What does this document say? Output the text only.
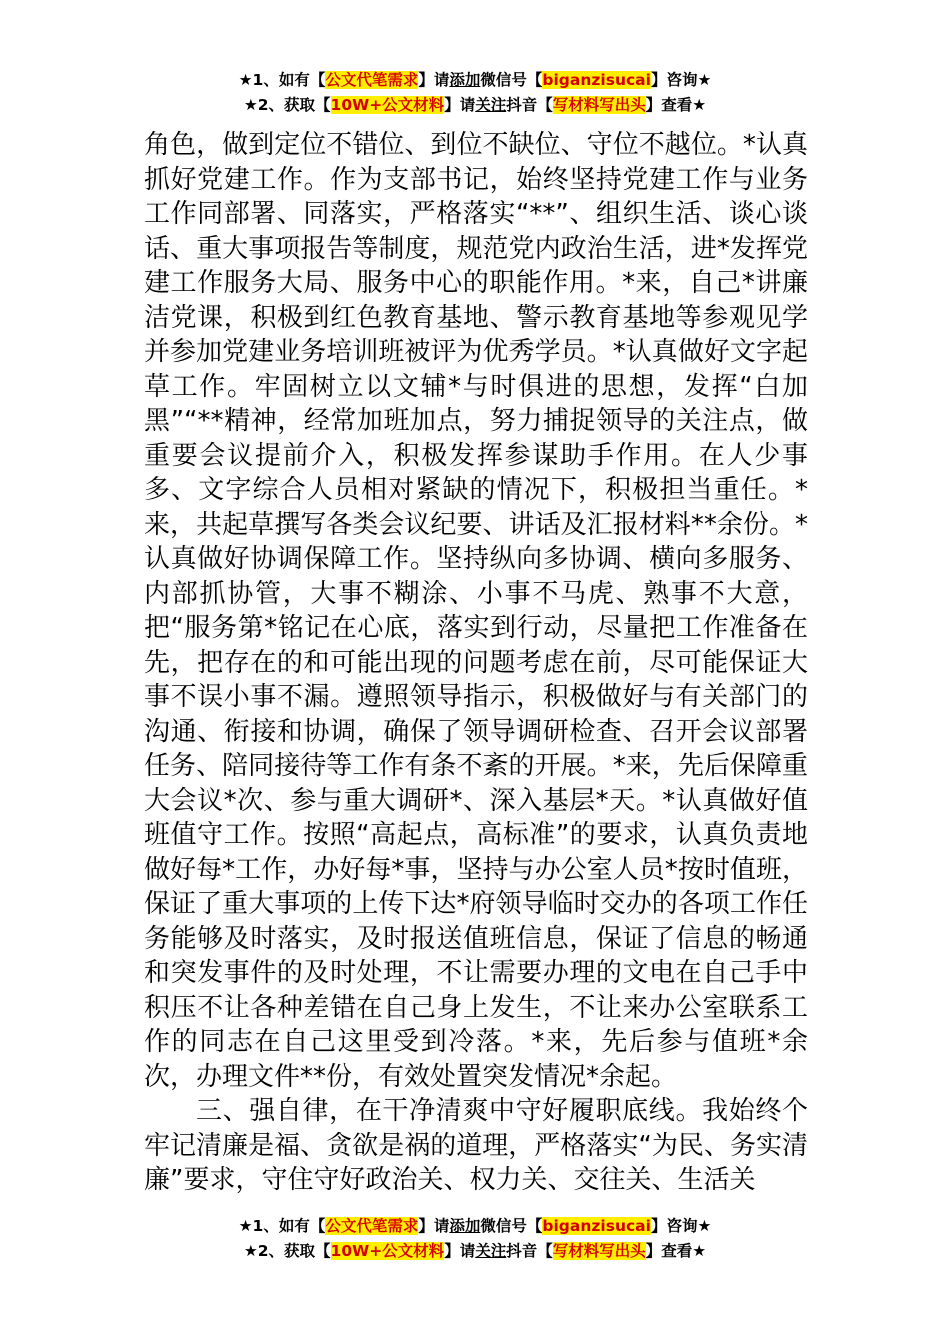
★1、如有【公文代笔需求】请添加微信号【biganzisucai】咨询★
★2、获取【10W+公文材料】请关注抖音【写材料写出头】查看★

角色，做到定位不错位、到位不缺位、守位不越位。*认真抓好党建工作。作为支部书记，始终坚持党建工作与业务工作同部署、同落实，严格落实“**”、组织生活、谈心谈话、重大事项报告等制度，规范党内政治生活，进*发挥党建工作服务大局、服务中心的职能作用。*来，自己*讲廉洁党课，积极到红色教育基地、警示教育基地等参观见学并参加党建业务培训班被评为优秀学员。*认真做好文字起草工作。牢固树立以文辅*与时俱进的思想，发挥“白加黑”“**精神，经常加班加点，努力捕捉领导的关注点，做重要会议提前介入，积极发挥参谋助手作用。在人少事多、文字综合人员相对紧缺的情况下，积极担当重任。*来，共起草撰写各类会议纪要、讲话及汇报材料**余份。*认真做好协调保障工作。坚持纵向多协调、横向多服务、内部抓协管，大事不糊涂、小事不马虎、熟事不大意，把“服务第*铭记在心底，落实到行动，尽量把工作准备在先，把存在的和可能出现的问题考虑在前，尽可能保证大事不误小事不漏。遵照领导指示，积极做好与有关部门的沟通、衔接和协调，确保了领导调研检查、召开会议部署任务、陪同接待等工作有条不紊的开展。*来，先后保障重大会议*次、参与重大调研*、深入基层*天。*认真做好值班值守工作。按照“高起点，高标准”的要求，认真负责地做好每*工作，办好每*事，坚持与办公室人员*按时值班，保证了重大事项的上传下达*府领导临时交办的各项工作任务能够及时落实，及时报送值班信息，保证了信息的畅通和突发事件的及时处理，不让需要办理的文电在自己手中积压不让各种差错在自己身上发生，不让来办公室联系工作的同志在自己这里受到冷落。*来，先后参与值班*余次，办理文件**份，有效处置突发情况*余起。

三、强自律，在干净清爽中守好履职底线。我始终个牢记清廉是福、贪欲是祸的道理，严格落实“为民、务实清廉”要求，守住守好政治关、权力关、交往关、生活关

★1、如有【公文代笔需求】请添加微信号【biganzisucai】咨询★
★2、获取【10W+公文材料】请关注抖音【写材料写出头】查看★
